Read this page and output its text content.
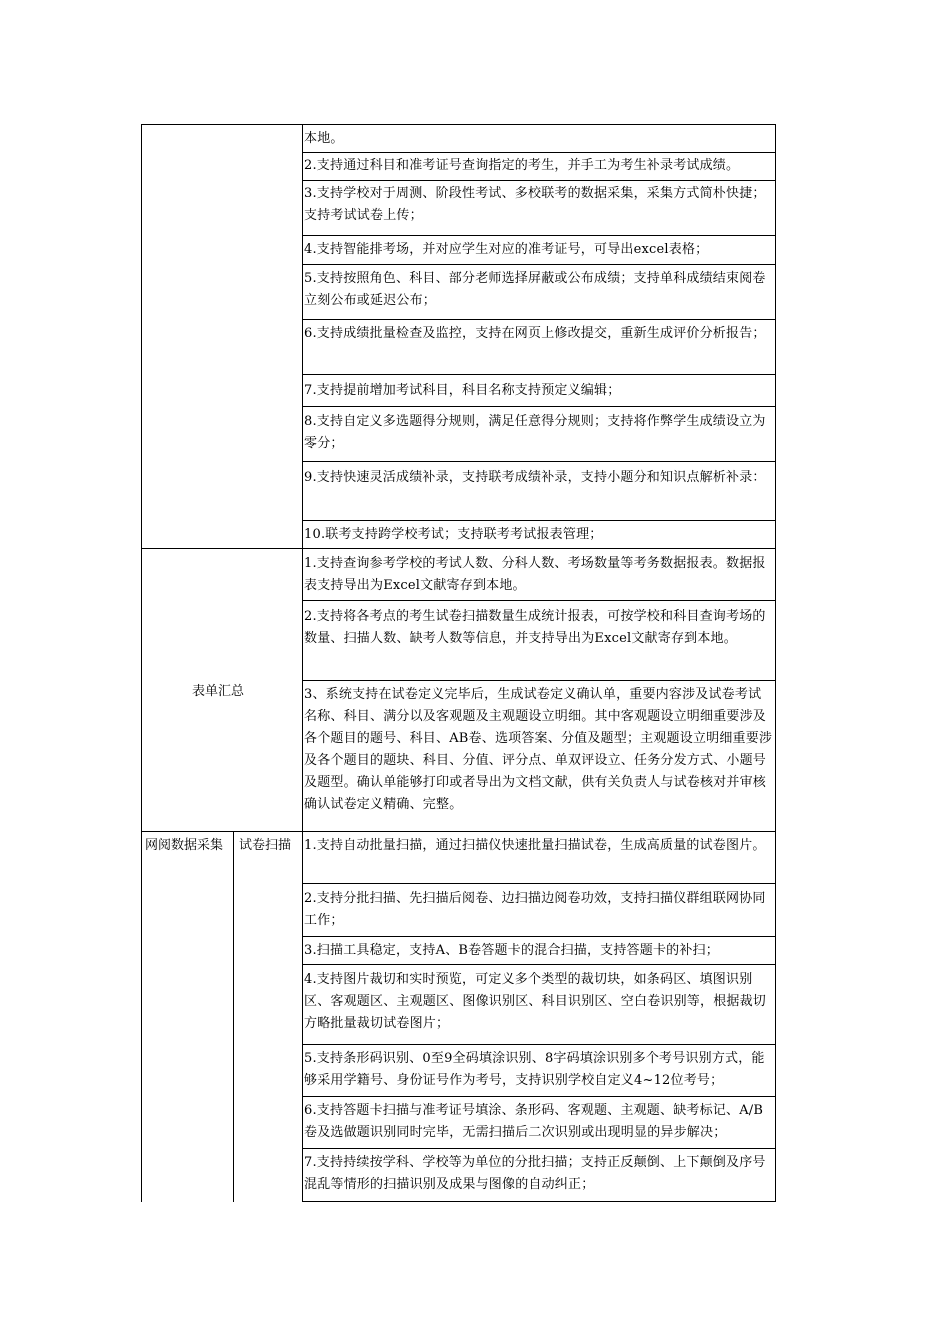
本地。
2.支持通过科目和准考证号查询指定的考生，并手工为考生补录考试成绩。
3.支持学校对于周测、阶段性考试、多校联考的数据采集，采集方式简朴快捷；支持考试试卷上传；
4.支持智能排考场，并对应学生对应的准考证号，可导出excel表格；
5.支持按照角色、科目、部分老师选择屏蔽或公布成绩；支持单科成绩结束阅卷立刻公布或延迟公布；
6.支持成绩批量检查及监控，支持在网页上修改提交，重新生成评价分析报告；
7.支持提前增加考试科目，科目名称支持预定义编辑；
8.支持自定义多选题得分规则，满足任意得分规则；支持将作弊学生成绩设立为零分；
9.支持快速灵活成绩补录，支持联考成绩补录，支持小题分和知识点解析补录：
10.联考支持跨学校考试；支持联考考试报表管理；
表单汇总
1.支持查询参考学校的考试人数、分科人数、考场数量等考务数据报表。数据报表支持导出为Excel文献寄存到本地。
2.支持将各考点的考生试卷扫描数量生成统计报表，可按学校和科目查询考场的数量、扫描人数、缺考人数等信息，并支持导出为Excel文献寄存到本地。
3、系统支持在试卷定义完毕后，生成试卷定义确认单，重要内容涉及试卷考试名称、科目、满分以及客观题及主观题设立明细。其中客观题设立明细重要涉及各个题目的题号、科目、AB卷、选项答案、分值及题型；主观题设立明细重要涉及各个题目的题块、科目、分值、评分点、单双评设立、任务分发方式、小题号及题型。确认单能够打印或者导出为文档文献，供有关负责人与试卷核对并审核确认试卷定义精确、完整。
网阅数据采集 试卷扫描 1.支持自动批量扫描，通过扫描仪快速批量扫描试卷，生成高质量的试卷图片。
2.支持分批扫描、先扫描后阅卷、边扫描边阅卷功效，支持扫描仪群组联网协同工作；
3.扫描工具稳定，支持A、B卷答题卡的混合扫描，支持答题卡的补扫；
4.支持图片裁切和实时预览，可定义多个类型的裁切块，如条码区、填图识别区、客观题区、主观题区、图像识别区、科目识别区、空白卷识别等，根据裁切方略批量裁切试卷图片；
5.支持条形码识别、0至9全码填涂识别、8字码填涂识别多个考号识别方式，能够采用学籍号、身份证号作为考号，支持识别学校自定义4~12位考号；
6.支持答题卡扫描与准考证号填涂、条形码、客观题、主观题、缺考标记、A/B卷及选做题识别同时完毕，无需扫描后二次识别或出现明显的异步解决；
7.支持持续按学科、学校等为单位的分批扫描；支持正反颠倒、上下颠倒及序号混乱等情形的扫描识别及成果与图像的自动纠正；
